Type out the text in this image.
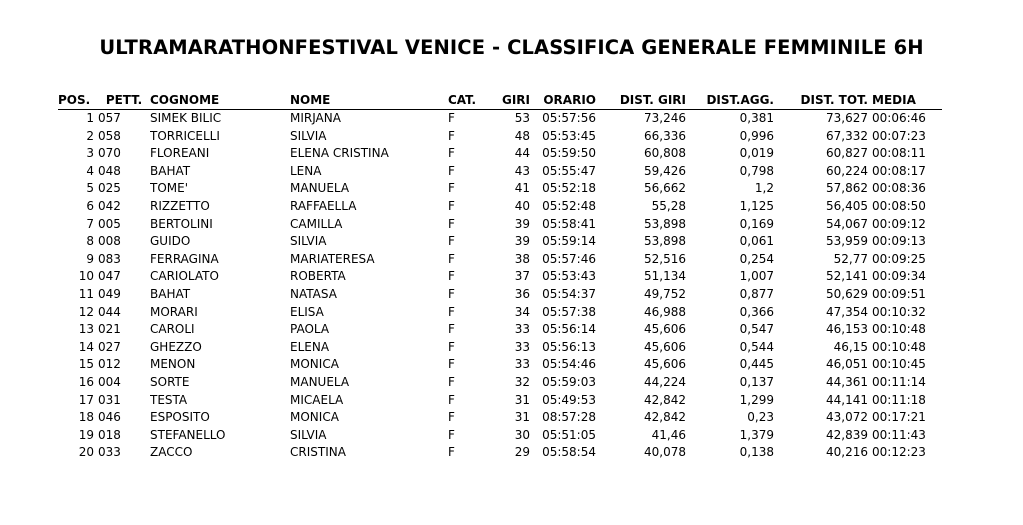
ULTRAMARATHONFESTIVAL VENICE - CLASSIFICA GENERALE FEMMINILE 6H
POS.	PETT.	COGNOME	NOME	CAT.	GIRI	ORARIO	DIST. GIRI	DIST.AGG.	DIST. TOT.	MEDIA
1	057	SIMEK BILIC	MIRJANA	F	53	05:57:56	73,246	0,381	73,627	00:06:46
2	058	TORRICELLI	SILVIA	F	48	05:53:45	66,336	0,996	67,332	00:07:23
3	070	FLOREANI	ELENA CRISTINA	F	44	05:59:50	60,808	0,019	60,827	00:08:11
4	048	BAHAT	LENA	F	43	05:55:47	59,426	0,798	60,224	00:08:17
5	025	TOME'	MANUELA	F	41	05:52:18	56,662	1,2	57,862	00:08:36
6	042	RIZZETTO	RAFFAELLA	F	40	05:52:48	55,28	1,125	56,405	00:08:50
7	005	BERTOLINI	CAMILLA	F	39	05:58:41	53,898	0,169	54,067	00:09:12
8	008	GUIDO	SILVIA	F	39	05:59:14	53,898	0,061	53,959	00:09:13
9	083	FERRAGINA	MARIATERESA	F	38	05:57:46	52,516	0,254	52,77	00:09:25
10	047	CARIOLATO	ROBERTA	F	37	05:53:43	51,134	1,007	52,141	00:09:34
11	049	BAHAT	NATASA	F	36	05:54:37	49,752	0,877	50,629	00:09:51
12	044	MORARI	ELISA	F	34	05:57:38	46,988	0,366	47,354	00:10:32
13	021	CAROLI	PAOLA	F	33	05:56:14	45,606	0,547	46,153	00:10:48
14	027	GHEZZO	ELENA	F	33	05:56:13	45,606	0,544	46,15	00:10:48
15	012	MENON	MONICA	F	33	05:54:46	45,606	0,445	46,051	00:10:45
16	004	SORTE	MANUELA	F	32	05:59:03	44,224	0,137	44,361	00:11:14
17	031	TESTA	MICAELA	F	31	05:49:53	42,842	1,299	44,141	00:11:18
18	046	ESPOSITO	MONICA	F	31	08:57:28	42,842	0,23	43,072	00:17:21
19	018	STEFANELLO	SILVIA	F	30	05:51:05	41,46	1,379	42,839	00:11:43
20	033	ZACCO	CRISTINA	F	29	05:58:54	40,078	0,138	40,216	00:12:23
